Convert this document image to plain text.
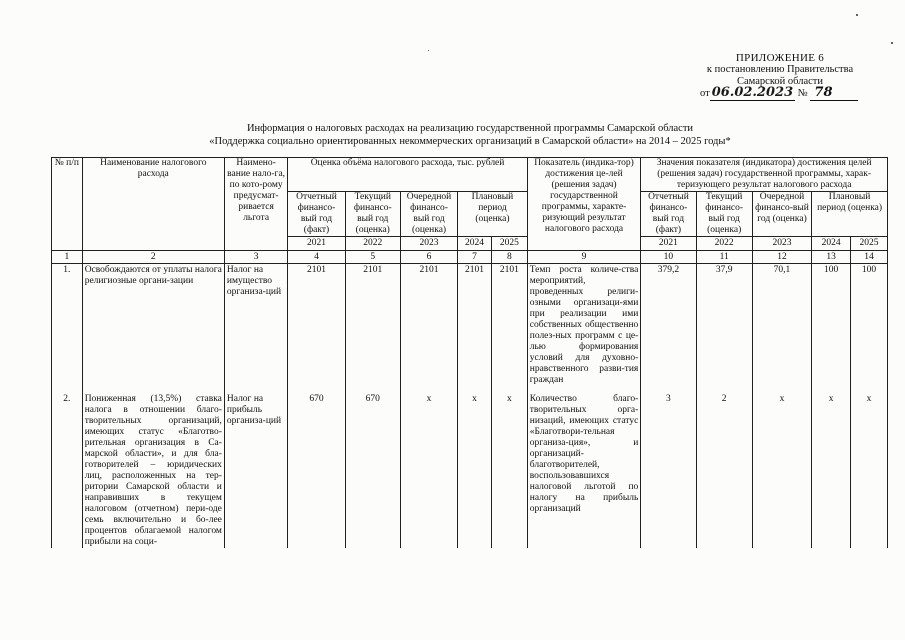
ПРИЛОЖЕНИЕ 6
к постановлению Правительства
Самарской области
от 06.02.2023 № 78
Информация о налоговых расходах на реализацию государственной программы Самарской области
«Поддержка социально ориентированных некоммерческих организаций в Самарской области» на 2014 – 2025 годы*
№ п/п	Наименование налогового расхода	Наимено-вание нало-га, по кото-рому предусмат-ривается льгота	Оценка объёма налогового расхода, тыс. рублей					Показатель (индика-тор) достижения це-лей (решения задач) государственной программы, характе-ризующий результат налогового расхода	Значения показателя (индикатора) достижения целей (решения задач) государственной программы, харак-теризующего результат налогового расхода				
			Отчетный финансо-вый год (факт)	Текущий финансо-вый год (оценка)	Очередной финансо-вый год (оценка)	Плановый период (оценка)			Отчетный финансо-вый год (факт)	Текущий финансо-вый год (оценка)	Очередной финансо-вый год (оценка)	Плановый период (оценка)	
			2021	2022	2023	2024	2025		2021	2022	2023	2024	2025
1	2	3	4	5	6	7	8	9	10	11	12	13	14
1.	Освобождаются от уплаты налога религиозные органи-зации	Налог на имущество организа-ций	2101	2101	2101	2101	2101	Темп роста количе-ства мероприятий, проведенных религи-озными организаци-ями при реализации ими собственных общественно полез-ных программ с це-лью формирования условий для духовно-нравственного разви-тия граждан	379,2	37,9	70,1	100	100
2.	Пониженная (13,5%) ставка налога в отношении благо-творительных организаций, имеющих статус «Благотво-рительная организация в Са-марской области», и для бла-готворителей – юридических лиц, расположенных на тер-ритории Самарской области и направивших в текущем налоговом (отчетном) пери-оде семь включительно и бо-лее процентов облагаемой налогом прибыли на соци-	Налог на прибыль организа-ций	670	670	х	х	х	Количество благо-творительных орга-низаций, имеющих статус «Благотвори-тельная организа-ция», и организаций-благотворителей, воспользовавшихся налоговой льготой по налогу на прибыль организаций	3	2	х	х	х
